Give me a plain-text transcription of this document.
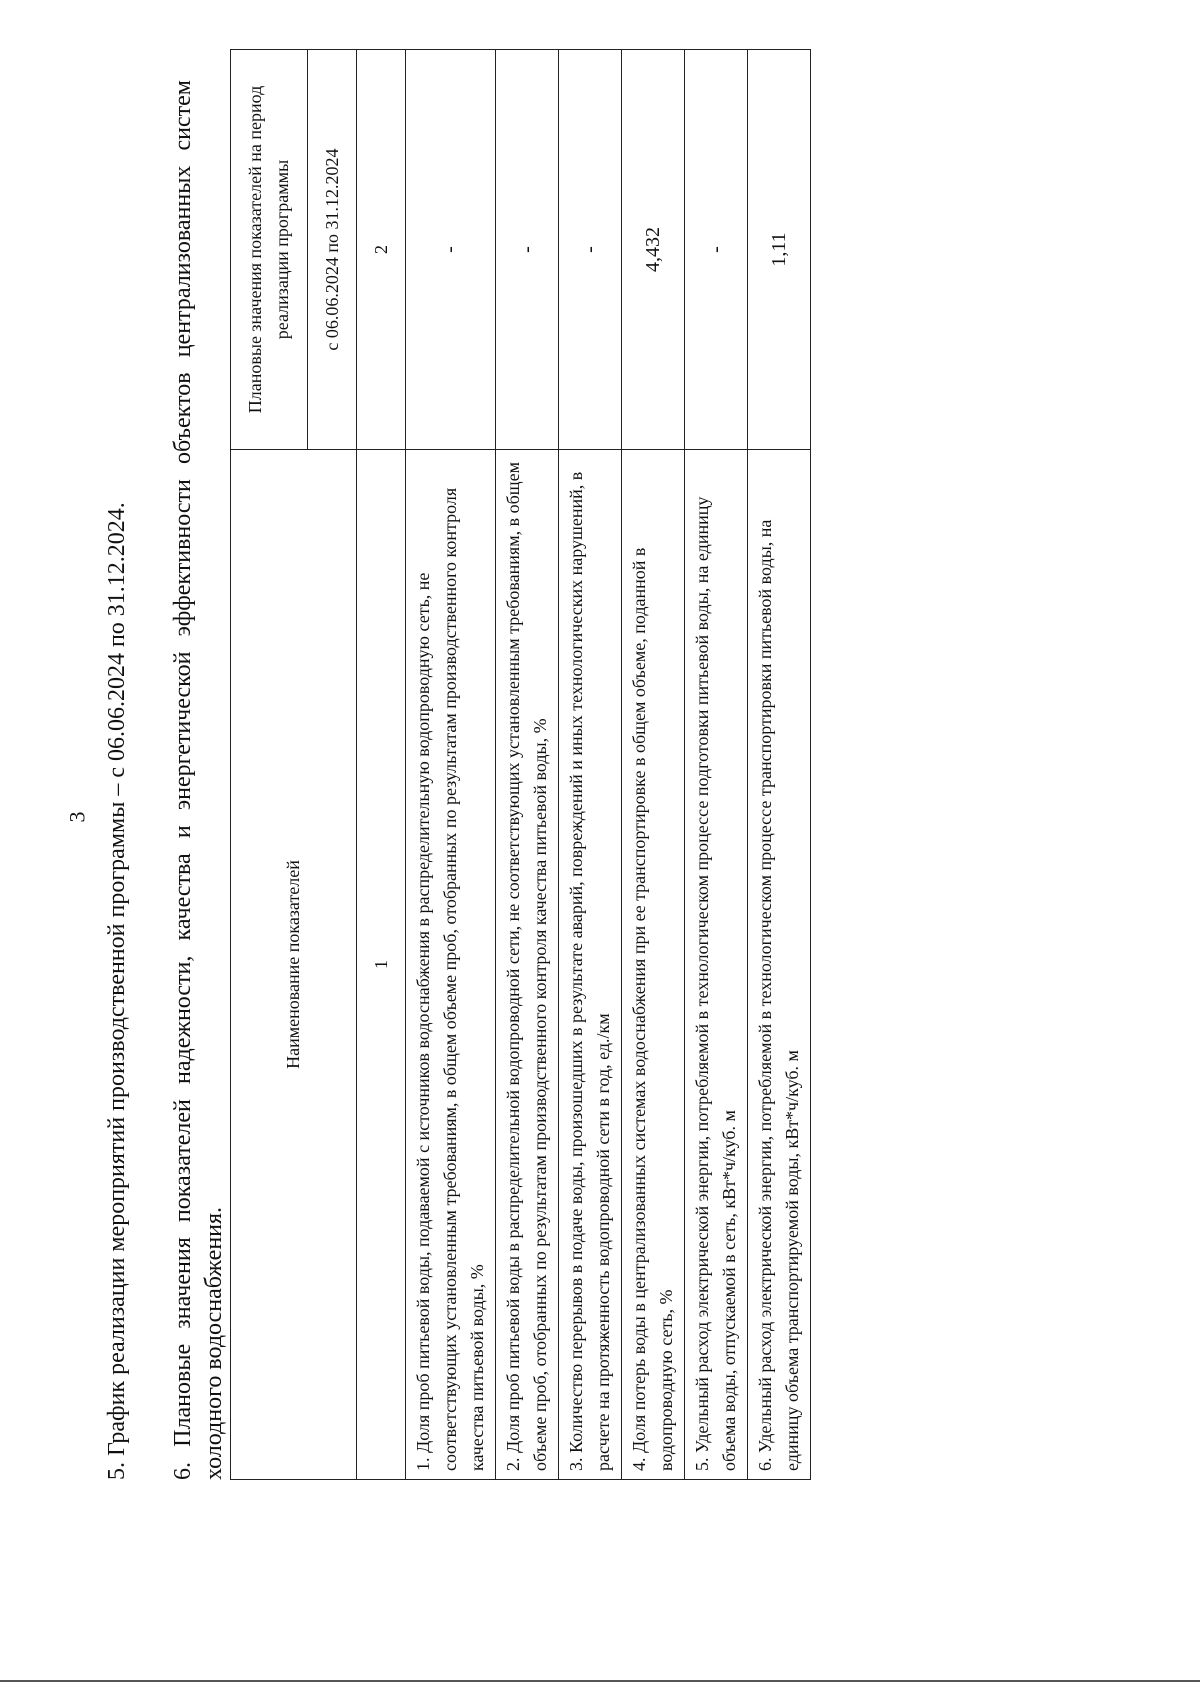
3 5. График реализации мероприятий производственной программы – с 06.06.2024 по 31.12.2024. 6. Плановые значения показателей надежности, качества и энергетической эффективности объектов централизованных систем холодного водоснабжения.
Наименование показателей	Плановые значения показателей на период реализации программы
	с 06.06.2024 по 31.12.2024
1	2
1. Доля проб питьевой воды, подаваемой с источников водоснабжения в распределительную водопроводную сеть, не соответствующих установленным требованиям, в общем объеме проб, отобранных по результатам производственного контроля качества питьевой воды, %	-
2. Доля проб питьевой воды в распределительной водопроводной сети, не соответствующих установленным требованиям, в общем объеме проб, отобранных по результатам производственного контроля качества питьевой воды, %	-
3. Количество перерывов в подаче воды, произошедших в результате аварий, повреждений и иных технологических нарушений, в расчете на протяженность водопроводной сети в год, ед./км	-
4. Доля потерь воды в централизованных системах водоснабжения при ее транспортировке в общем объеме, поданной в водопроводную сеть, %	4,432
5. Удельный расход электрической энергии, потребляемой в технологическом процессе подготовки питьевой воды, на единицу объема воды, отпускаемой в сеть, кВт*ч/куб. м	-
6. Удельный расход электрической энергии, потребляемой в технологическом процессе транспортировки питьевой воды, на единицу объема транспортируемой воды, кВт*ч/куб. м	1,11
